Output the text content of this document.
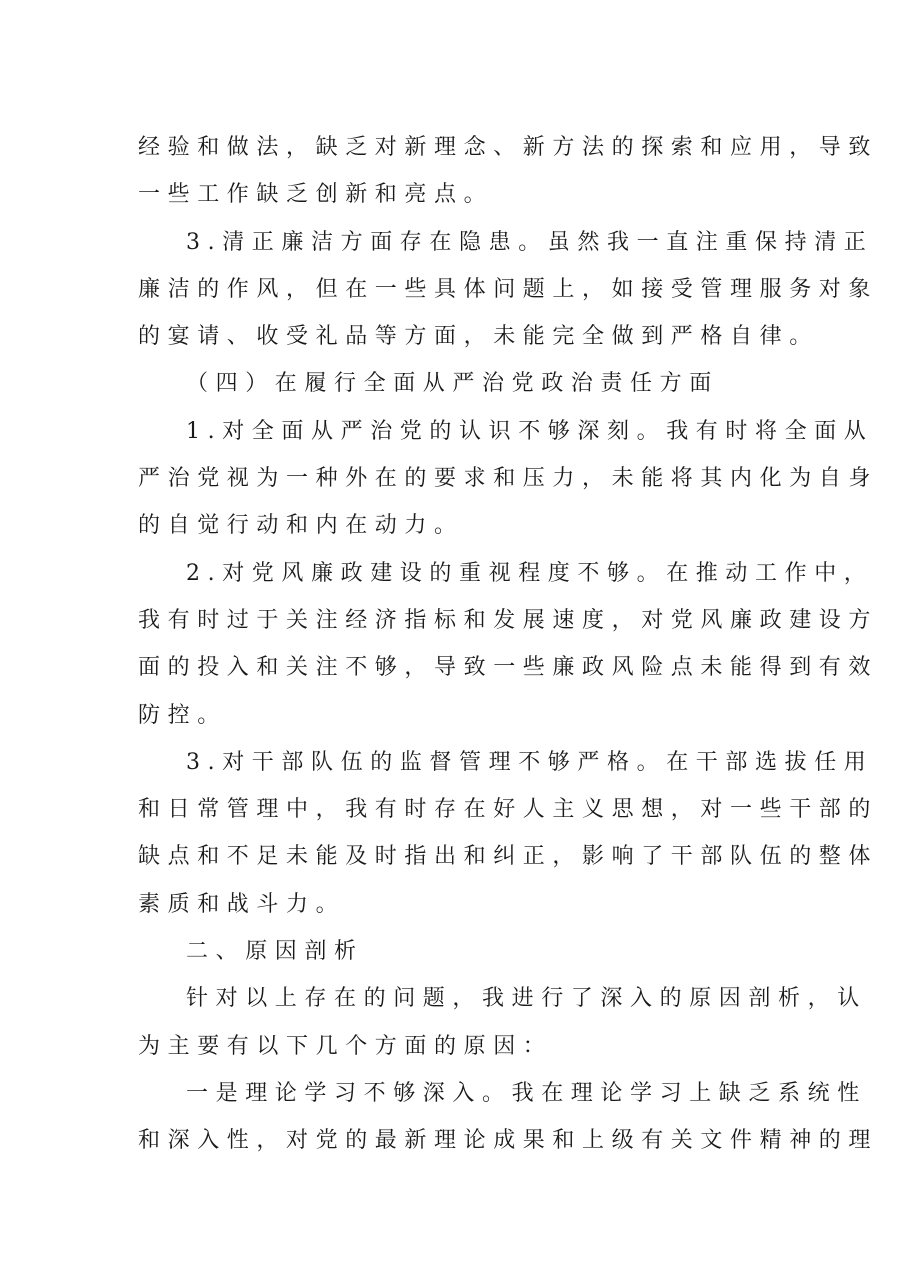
经验和做法，缺乏对新理念、新方法的探索和应用，导致
一些工作缺乏创新和亮点。
3.清正廉洁方面存在隐患。虽然我一直注重保持清正
廉洁的作风，但在一些具体问题上，如接受管理服务对象
的宴请、收受礼品等方面，未能完全做到严格自律。
（四）在履行全面从严治党政治责任方面
1.对全面从严治党的认识不够深刻。我有时将全面从
严治党视为一种外在的要求和压力，未能将其内化为自身
的自觉行动和内在动力。
2.对党风廉政建设的重视程度不够。在推动工作中，
我有时过于关注经济指标和发展速度，对党风廉政建设方
面的投入和关注不够，导致一些廉政风险点未能得到有效
防控。
3.对干部队伍的监督管理不够严格。在干部选拔任用
和日常管理中，我有时存在好人主义思想，对一些干部的
缺点和不足未能及时指出和纠正，影响了干部队伍的整体
素质和战斗力。
二、原因剖析
针对以上存在的问题，我进行了深入的原因剖析，认
为主要有以下几个方面的原因：
一是理论学习不够深入。我在理论学习上缺乏系统性
和深入性，对党的最新理论成果和上级有关文件精神的理
